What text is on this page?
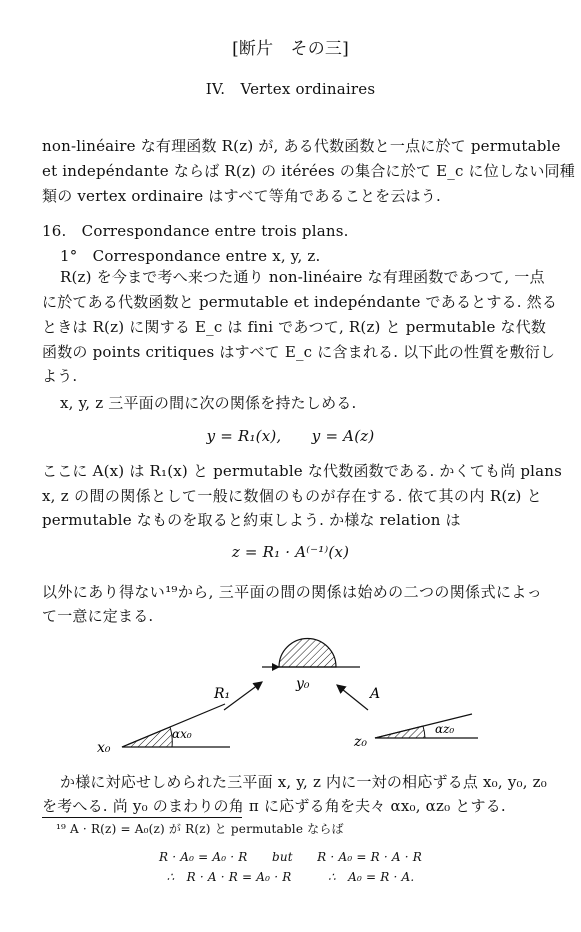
[断片　その三]
IV.　Vertex ordinaires
non-linéaire な有理函数 R(z) が, ある代数函数と一点に於て permutable
et indepéndante ならば R(z) の itérées の集合に於て E_c に位しない同種
類の vertex ordinaire はすべて等角であることを云はう.
16.　Correspondance entre trois plans.
1°　Correspondance entre x, y, z.
R(z) を今まで考へ来つた通り non-linéaire な有理函数であつて, 一点
に於てある代数函数と permutable et indepéndante であるとする. 然る
ときは R(z) に関する E_c は fini であつて, R(z) と permutable な代数
函数の points critiques はすべて E_c に含まれる. 以下此の性質を敷衍し
よう.
x, y, z 三平面の間に次の関係を持たしめる.
y = R₁(x),　　y = A(z)
ここに A(x) は R₁(x) と permutable な代数函数である. かくても尚 plans
x, z の間の関係として一般に数個のものが存在する. 依て其の内 R(z) と
permutable なものを取ると約束しよう. か様な relation は
z = R₁ · A⁽⁻¹⁾(x)
以外にあり得ない¹⁹から, 三平面の間の関係は始めの二つの関係式によっ
て一意に定まる.
y₀
R₁	A
x₀
αx₀	z₀
αz₀
か様に対応せしめられた三平面 x, y, z 内に一対の相応ずる点 x₀, y₀, z₀
を考へる. 尚 y₀ のまわりの角 π に応ずる角を夫々 αx₀, αz₀ とする.
¹⁹ A · R(z) = A₀(z) が R(z) と permutable ならば
R · A₀ = A₀ · R　　but　　R · A₀ = R · A · R
∴　R · A · R = A₀ · R　　　∴　A₀ = R · A.
